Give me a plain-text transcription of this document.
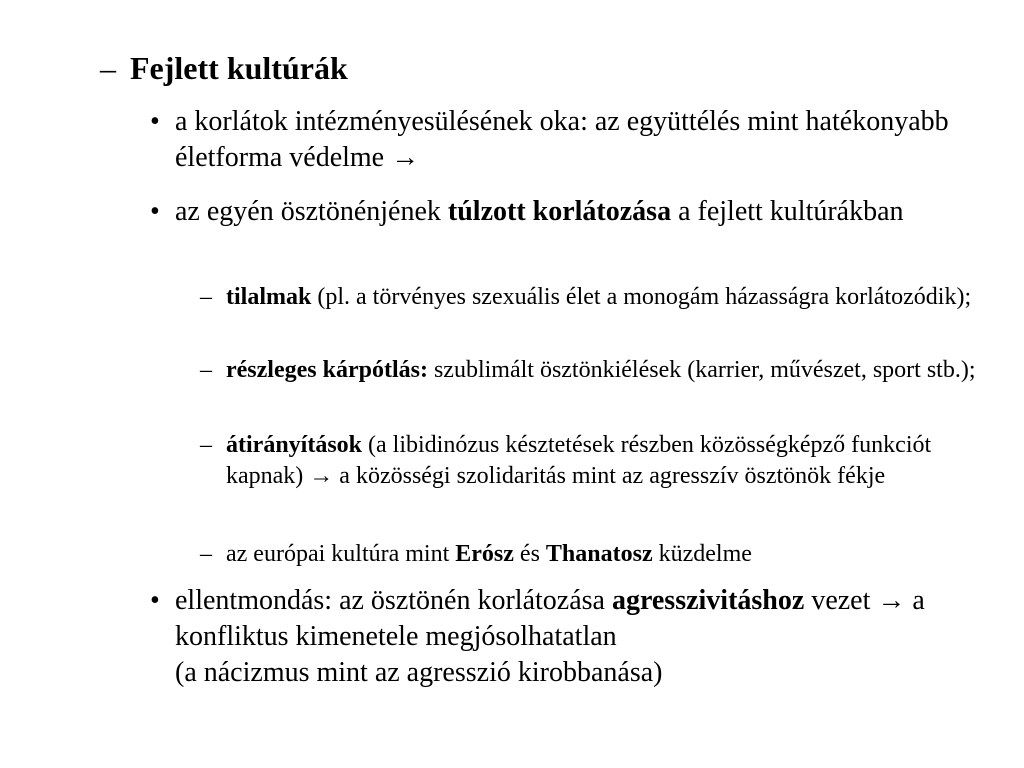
– Fejlett kultúrák
• a korlátok intézményesülésének oka: az együttélés mint hatékonyabb életforma védelme →
• az egyén ösztönénjének túlzott korlátozása a fejlett kultúrákban
– tilalmak (pl. a törvényes szexuális élet a monogám házasságra korlátozódik);
– részleges kárpótlás: szublimált ösztönkiélések (karrier, művészet, sport stb.);
– átirányítások (a libidinózus késztetések részben közösségképző funkciót kapnak) → a közösségi szolidaritás mint az agresszív ösztönök fékje
– az európai kultúra mint Erósz és Thanatosz küzdelme
• ellentmondás: az ösztönén korlátozása agresszivitáshoz vezet → a konfliktus kimenetele megjósolhatatlan
(a nácizmus mint az agresszió kirobbanása)
